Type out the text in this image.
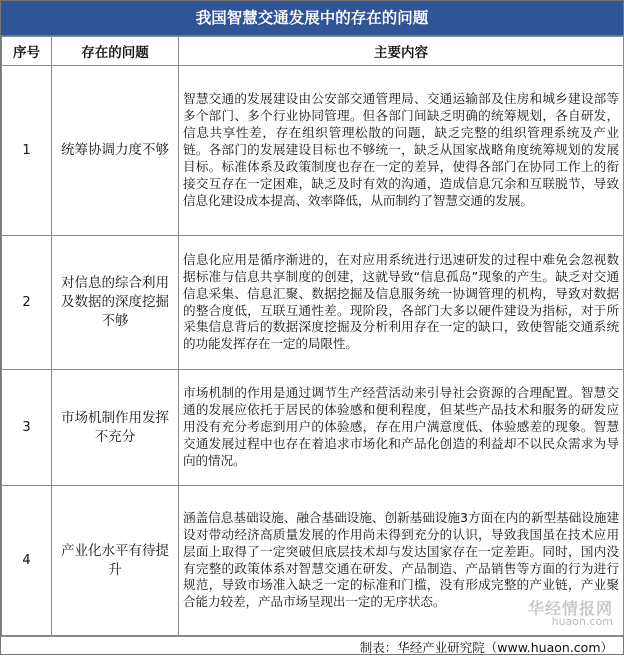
我国智慧交通发展中的存在的问题
序号	存在的问题	主要内容
1	统筹协调力度不够	智慧交通的发展建设由公安部交通管理局、交通运输部及住房和城乡建设部等多个部门、多个行业协同管理。但各部门间缺乏明确的统筹规划，各自研发，信息共享性差，存在组织管理松散的问题，缺乏完整的组织管理系统及产业链。各部门的发展建设目标也不够统一，缺乏从国家战略角度统筹规划的发展目标。标准体系及政策制度也存在一定的差异，使得各部门在协同工作上的衔接交互存在一定困难，缺乏及时有效的沟通，造成信息冗余和互联脱节，导致信息化建设成本提高、效率降低，从而制约了智慧交通的发展。
2	对信息的综合利用及数据的深度挖掘不够	信息化应用是循序渐进的，在对应用系统进行迅速研发的过程中难免会忽视数据标准与信息共享制度的创建，这就导致“信息孤岛”现象的产生。缺乏对交通信息采集、信息汇聚、数据挖掘及信息服务统一协调管理的机构，导致对数据的整合度低，互联互通性差。现阶段，各部门大多以硬件建设为指标，对于所采集信息背后的数据深度挖掘及分析利用存在一定的缺口，致使智能交通系统的功能发挥存在一定的局限性。
3	市场机制作用发挥不充分	市场机制的作用是通过调节生产经营活动来引导社会资源的合理配置。智慧交通的发展应依托于居民的体验感和便利程度，但某些产品技术和服务的研发应用没有充分考虑到用户的体验感，存在用户满意度低、体验感差的现象。智慧交通发展过程中也存在着追求市场化和产品化创造的利益却不以民众需求为导向的情况。
4	产业化水平有待提升	涵盖信息基础设施、融合基础设施、创新基础设施3方面在内的新型基础设施建设对带动经济高质量发展的作用尚未得到充分的认识，导致我国虽在技术应用层面上取得了一定突破但底层技术却与发达国家存在一定差距。同时，国内没有完整的政策体系对智慧交通在研发、产品制造、产品销售等方面的行为进行规范，导致市场准入缺乏一定的标准和门槛，没有形成完整的产业链，产业聚合能力较差，产品市场呈现出一定的无序状态。
制表：华经产业研究院（www.huaon.com）
华经情报网
huaon.com
